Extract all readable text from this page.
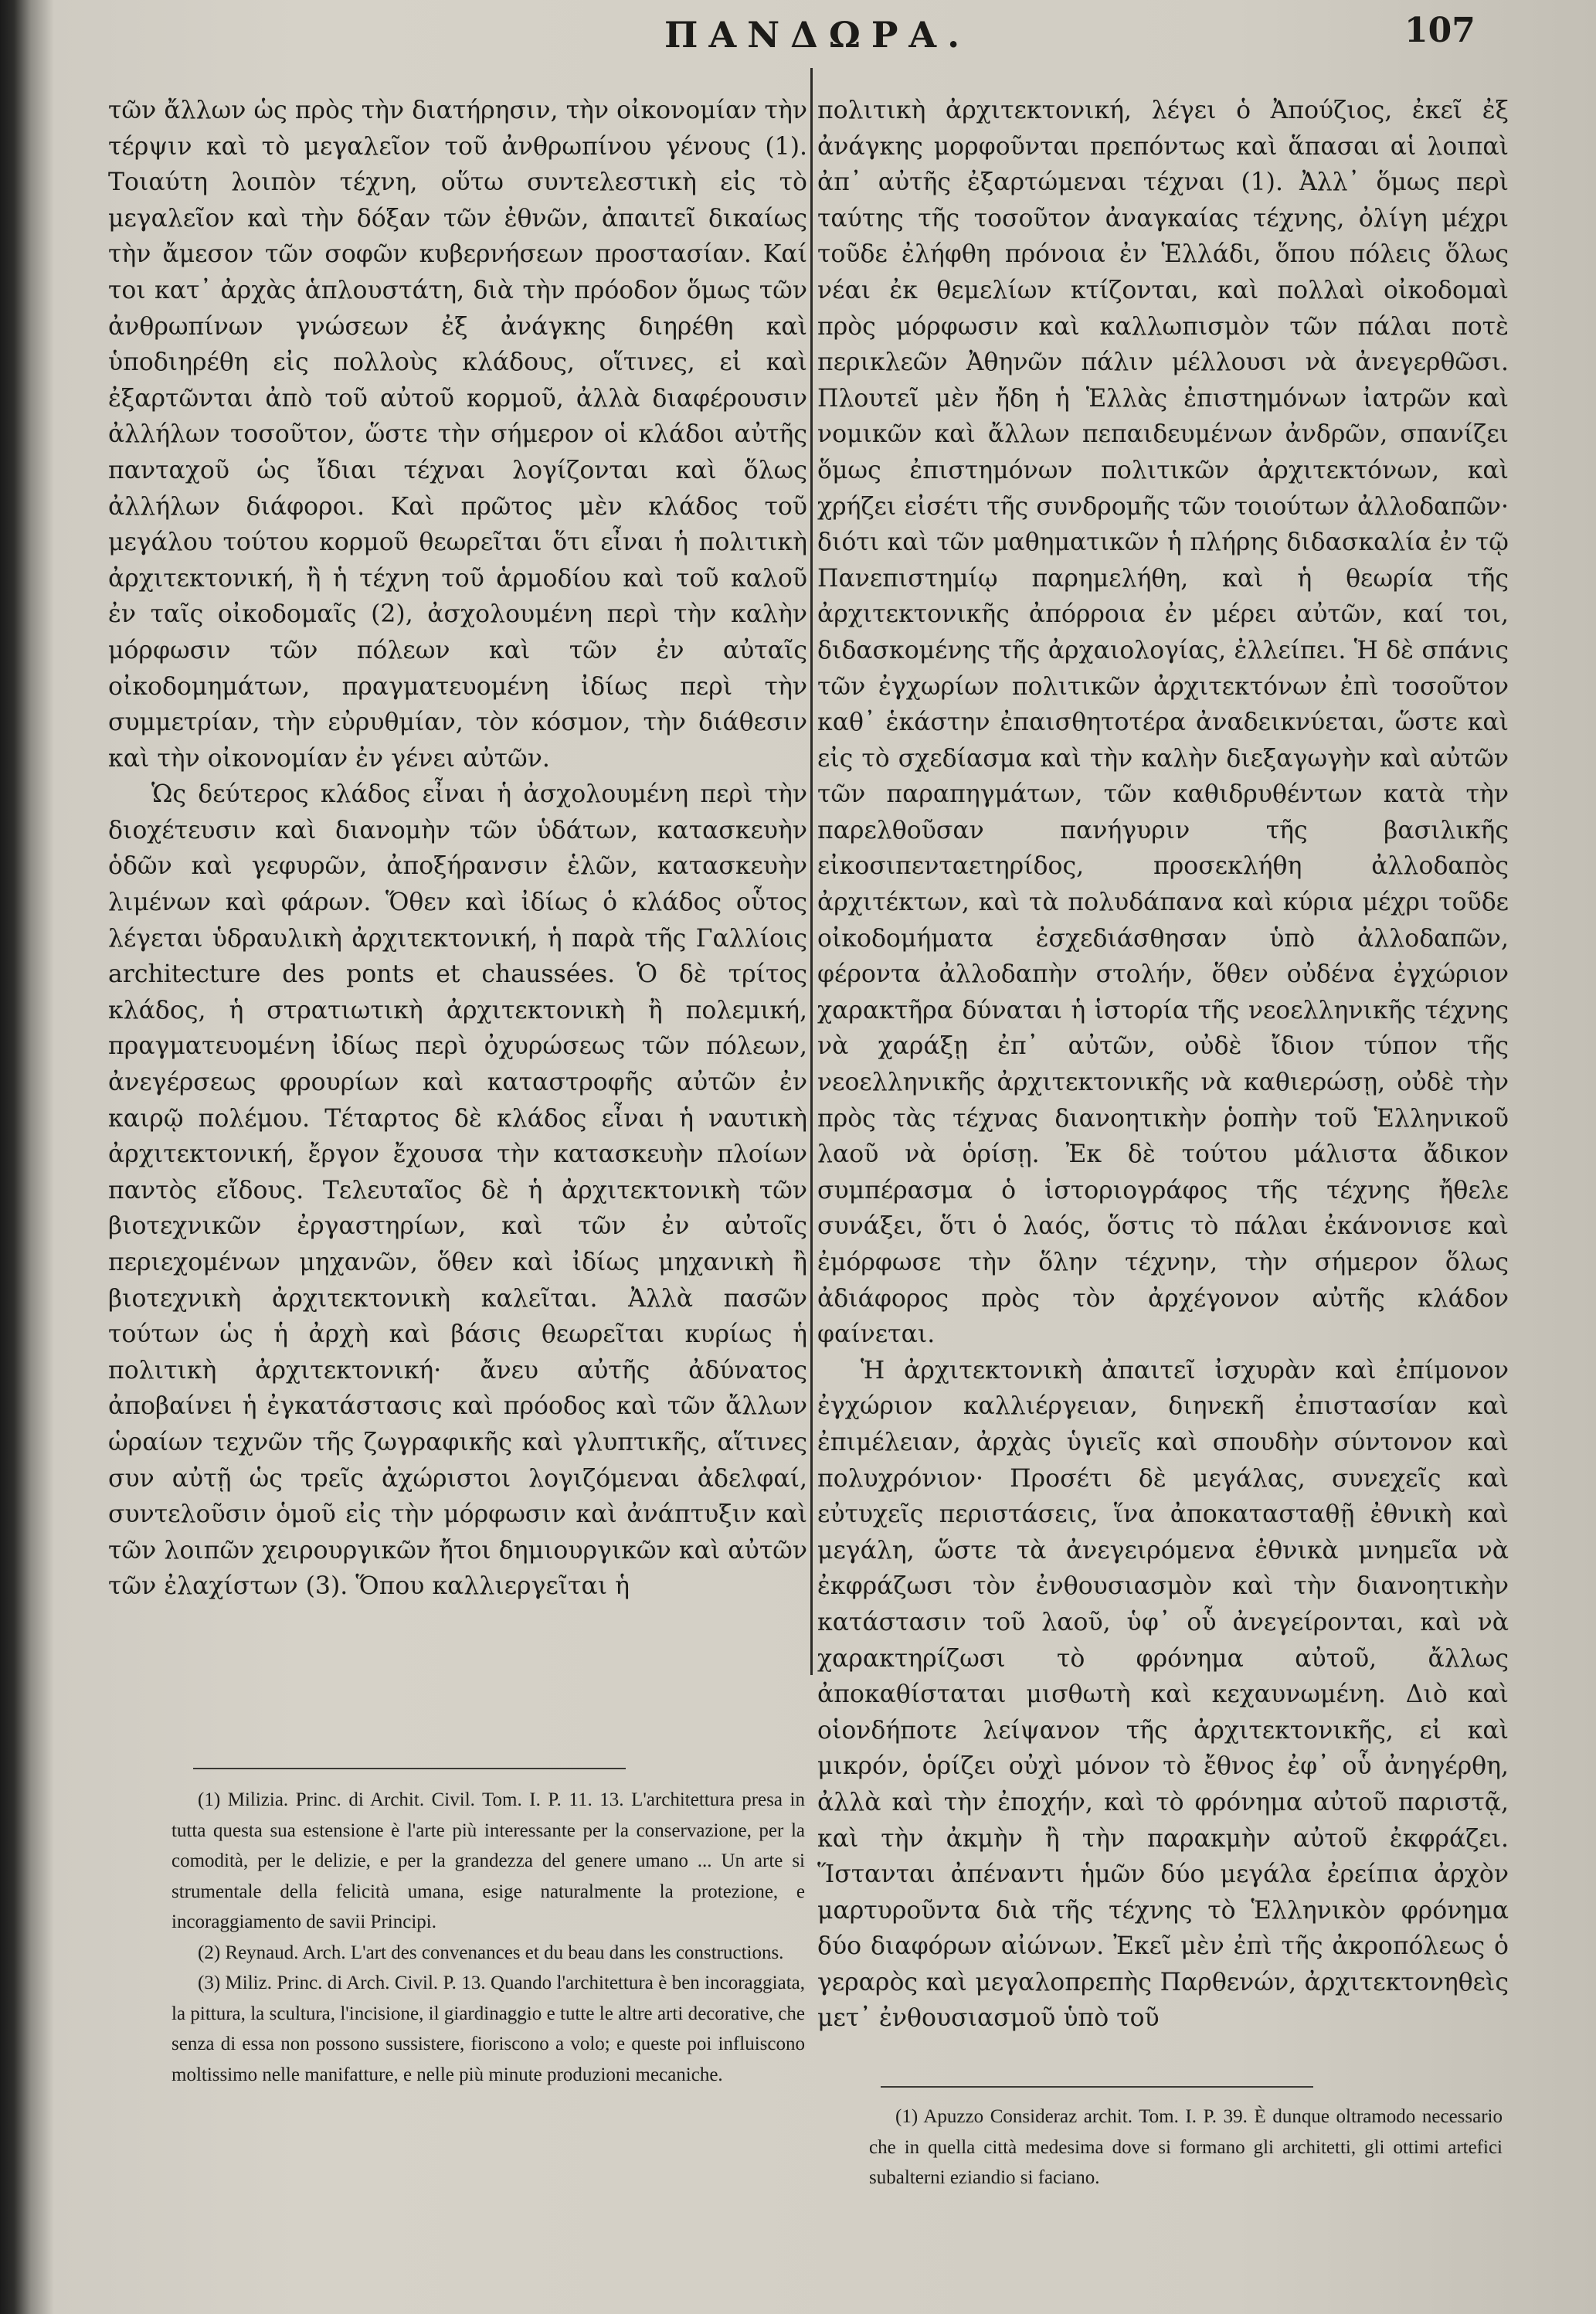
ΠΑΝΔΩΡΑ.	107

τῶν ἄλλων ὡς πρὸς τὴν διατήρησιν, τὴν οἰκονομίαν τὴν τέρψιν καὶ τὸ μεγαλεῖον τοῦ ἀνθρωπίνου γένους (1). Τοιαύτη λοιπὸν τέχνη, οὕτω συντελεστικὴ εἰς τὸ μεγαλεῖον καὶ τὴν δόξαν τῶν ἐθνῶν, ἀπαιτεῖ δικαίως τὴν ἄμεσον τῶν σοφῶν κυβερνήσεων προστασίαν. Καί τοι κατ᾽ ἀρχὰς ἁπλουστάτη, διὰ τὴν πρόοδον ὅμως τῶν ἀνθρωπίνων γνώσεων ἐξ ἀνάγκης διηρέθη καὶ ὑποδιηρέθη εἰς πολλοὺς κλάδους, οἵτινες, εἰ καὶ ἐξαρτῶνται ἀπὸ τοῦ αὐτοῦ κορμοῦ, ἀλλὰ διαφέρουσιν ἀλλήλων τοσοῦτον, ὥστε τὴν σήμερον οἱ κλάδοι αὐτῆς πανταχοῦ ὡς ἴδιαι τέχναι λογίζονται καὶ ὅλως ἀλλήλων διάφοροι. Καὶ πρῶτος μὲν κλάδος τοῦ μεγάλου τούτου κορμοῦ θεωρεῖται ὅτι εἶναι ἡ πολιτικὴ ἀρχιτεκτονική, ἢ ἡ τέχνη τοῦ ἁρμοδίου καὶ τοῦ καλοῦ ἐν ταῖς οἰκοδομαῖς (2), ἀσχολουμένη περὶ τὴν καλὴν μόρφωσιν τῶν πόλεων καὶ τῶν ἐν αὐταῖς οἰκοδομημάτων, πραγματευομένη ἰδίως περὶ τὴν συμμετρίαν, τὴν εὐρυθμίαν, τὸν κόσμον, τὴν διάθεσιν καὶ τὴν οἰκονομίαν ἐν γένει αὐτῶν.

Ὡς δεύτερος κλάδος εἶναι ἡ ἀσχολουμένη περὶ τὴν διοχέτευσιν καὶ διανομὴν τῶν ὑδάτων, κατασκευὴν ὁδῶν καὶ γεφυρῶν, ἀποξήρανσιν ἑλῶν, κατασκευὴν λιμένων καὶ φάρων. Ὅθεν καὶ ἰδίως ὁ κλάδος οὗτος λέγεται ὑδραυλικὴ ἀρχιτεκτονική, ἡ παρὰ τῆς Γαλλίοις architecture des ponts et chaussées. Ὁ δὲ τρίτος κλάδος, ἡ στρατιωτικὴ ἀρχιτεκτονικὴ ἢ πολεμική, πραγματευομένη ἰδίως περὶ ὀχυρώσεως τῶν πόλεων, ἀνεγέρσεως φρουρίων καὶ καταστροφῆς αὐτῶν ἐν καιρῷ πολέμου. Τέταρτος δὲ κλάδος εἶναι ἡ ναυτικὴ ἀρχιτεκτονική, ἔργον ἔχουσα τὴν κατασκευὴν πλοίων παντὸς εἴδους. Τελευταῖος δὲ ἡ ἀρχιτεκτονικὴ τῶν βιοτεχνικῶν ἐργαστηρίων, καὶ τῶν ἐν αὐτοῖς περιεχομένων μηχανῶν, ὅθεν καὶ ἰδίως μηχανικὴ ἢ βιοτεχνικὴ ἀρχιτεκτονικὴ καλεῖται. Ἀλλὰ πασῶν τούτων ὡς ἡ ἀρχὴ καὶ βάσις θεωρεῖται κυρίως ἡ πολιτικὴ ἀρχιτεκτονική· ἄνευ αὐτῆς ἀδύνατος ἀποβαίνει ἡ ἐγκατάστασις καὶ πρόοδος καὶ τῶν ἄλλων ὡραίων τεχνῶν τῆς ζωγραφικῆς καὶ γλυπτικῆς, αἵτινες συν αὐτῇ ὡς τρεῖς ἀχώριστοι λογιζόμεναι ἀδελφαί, συντελοῦσιν ὁμοῦ εἰς τὴν μόρφωσιν καὶ ἀνάπτυξιν καὶ τῶν λοιπῶν χειρουργικῶν ἤτοι δημιουργικῶν καὶ αὐτῶν τῶν ἐλαχίστων (3). Ὅπου καλλιεργεῖται ἡ

πολιτικὴ ἀρχιτεκτονική, λέγει ὁ Ἀπούζιος, ἐκεῖ ἐξ ἀνάγκης μορφοῦνται πρεπόντως καὶ ἅπασαι αἱ λοιπαὶ ἀπ᾽ αὐτῆς ἐξαρτώμεναι τέχναι (1). Ἀλλ᾽ ὅμως περὶ ταύτης τῆς τοσοῦτον ἀναγκαίας τέχνης, ὀλίγη μέχρι τοῦδε ἐλήφθη πρόνοια ἐν Ἑλλάδι, ὅπου πόλεις ὅλως νέαι ἐκ θεμελίων κτίζονται, καὶ πολλαὶ οἰκοδομαὶ πρὸς μόρφωσιν καὶ καλλωπισμὸν τῶν πάλαι ποτὲ περικλεῶν Ἀθηνῶν πάλιν μέλλουσι νὰ ἀνεγερθῶσι. Πλουτεῖ μὲν ἤδη ἡ Ἑλλὰς ἐπιστημόνων ἰατρῶν καὶ νομικῶν καὶ ἄλλων πεπαιδευμένων ἀνδρῶν, σπανίζει ὅμως ἐπιστημόνων πολιτικῶν ἀρχιτεκτόνων, καὶ χρήζει εἰσέτι τῆς συνδρομῆς τῶν τοιούτων ἀλλοδαπῶν· διότι καὶ τῶν μαθηματικῶν ἡ πλήρης διδασκαλία ἐν τῷ Πανεπιστημίῳ παρημελήθη, καὶ ἡ θεωρία τῆς ἀρχιτεκτονικῆς ἀπόρροια ἐν μέρει αὐτῶν, καί τοι, διδασκομένης τῆς ἀρχαιολογίας, ἐλλείπει. Ἡ δὲ σπάνις τῶν ἐγχωρίων πολιτικῶν ἀρχιτεκτόνων ἐπὶ τοσοῦτον καθ᾽ ἑκάστην ἐπαισθητοτέρα ἀναδεικνύεται, ὥστε καὶ εἰς τὸ σχεδίασμα καὶ τὴν καλὴν διεξαγωγὴν καὶ αὐτῶν τῶν παραπηγμάτων, τῶν καθιδρυθέντων κατὰ τὴν παρελθοῦσαν πανήγυριν τῆς βασιλικῆς εἰκοσιπενταετηρίδος, προσεκλήθη ἀλλοδαπὸς ἀρχιτέκτων, καὶ τὰ πολυδάπανα καὶ κύρια μέχρι τοῦδε οἰκοδομήματα ἐσχεδιάσθησαν ὑπὸ ἀλλοδαπῶν, φέροντα ἀλλοδαπὴν στολήν, ὅθεν οὐδένα ἐγχώριον χαρακτῆρα δύναται ἡ ἱστορία τῆς νεοελληνικῆς τέχνης νὰ χαράξῃ ἐπ᾽ αὐτῶν, οὐδὲ ἴδιον τύπον τῆς νεοελληνικῆς ἀρχιτεκτονικῆς νὰ καθιερώσῃ, οὐδὲ τὴν πρὸς τὰς τέχνας διανοητικὴν ῥοπὴν τοῦ Ἑλληνικοῦ λαοῦ νὰ ὁρίσῃ. Ἐκ δὲ τούτου μάλιστα ἄδικον συμπέρασμα ὁ ἱστοριογράφος τῆς τέχνης ἤθελε συνάξει, ὅτι ὁ λαός, ὅστις τὸ πάλαι ἐκάνονισε καὶ ἐμόρφωσε τὴν ὅλην τέχνην, τὴν σήμερον ὅλως ἀδιάφορος πρὸς τὸν ἀρχέγονον αὐτῆς κλάδον φαίνεται.

Ἡ ἀρχιτεκτονικὴ ἀπαιτεῖ ἰσχυρὰν καὶ ἐπίμονον ἐγχώριον καλλιέργειαν, διηνεκῆ ἐπιστασίαν καὶ ἐπιμέλειαν, ἀρχὰς ὑγιεῖς καὶ σπουδὴν σύντονον καὶ πολυχρόνιον· Προσέτι δὲ μεγάλας, συνεχεῖς καὶ εὐτυχεῖς περιστάσεις, ἵνα ἀποκατασταθῇ ἐθνικὴ καὶ μεγάλη, ὥστε τὰ ἀνεγειρόμενα ἐθνικὰ μνημεῖα νὰ ἐκφράζωσι τὸν ἐνθουσιασμὸν καὶ τὴν διανοητικὴν κατάστασιν τοῦ λαοῦ, ὑφ᾽ οὗ ἀνεγείρονται, καὶ νὰ χαρακτηρίζωσι τὸ φρόνημα αὐτοῦ, ἄλλως ἀποκαθίσταται μισθωτὴ καὶ κεχαυνωμένη. Διὸ καὶ οἱονδήποτε λείψανον τῆς ἀρχιτεκτονικῆς, εἰ καὶ μικρόν, ὁρίζει οὐχὶ μόνον τὸ ἔθνος ἐφ᾽ οὗ ἀνηγέρθη, ἀλλὰ καὶ τὴν ἐποχήν, καὶ τὸ φρόνημα αὐτοῦ παριστᾷ, καὶ τὴν ἀκμὴν ἢ τὴν παρακμὴν αὐτοῦ ἐκφράζει. Ἵστανται ἀπέναντι ἡμῶν δύο μεγάλα ἐρείπια ἀρχὸν μαρτυροῦντα διὰ τῆς τέχνης τὸ Ἑλληνικὸν φρόνημα δύο διαφόρων αἰώνων. Ἐκεῖ μὲν ἐπὶ τῆς ἀκροπόλεως ὁ γεραρὸς καὶ μεγαλοπρεπὴς Παρθενών, ἀρχιτεκτονηθεὶς μετ᾽ ἐνθουσιασμοῦ ὑπὸ τοῦ

(1) Milizia. Princ. di Archit. Civil. Tom. I. P. 11. 13. L'architettura presa in tutta questa sua estensione è l'arte più interessante per la conservazione, per la comodità, per le delizie, e per la grandezza del genere umano ... Un arte si strumentale della felicità umana, esige naturalmente la protezione, e incoraggiamento de savii Principi.

(2) Reynaud. Arch. L'art des convenances et du beau dans les constructions.

(3) Miliz. Princ. di Arch. Civil. P. 13. Quando l'architettura è ben incoraggiata, la pittura, la scultura, l'incisione, il giardinaggio e tutte le altre arti decorative, che senza di essa non possono sussistere, fioriscono a volo; e queste poi influiscono moltissimo nelle manifatture, e nelle più minute produzioni mecaniche.

(1) Apuzzo Consideraz archit. Tom. I. P. 39. È dunque oltramodo necessario che in quella città medesima dove si formano gli architetti, gli ottimi artefici subalterni eziandio si faciano.
